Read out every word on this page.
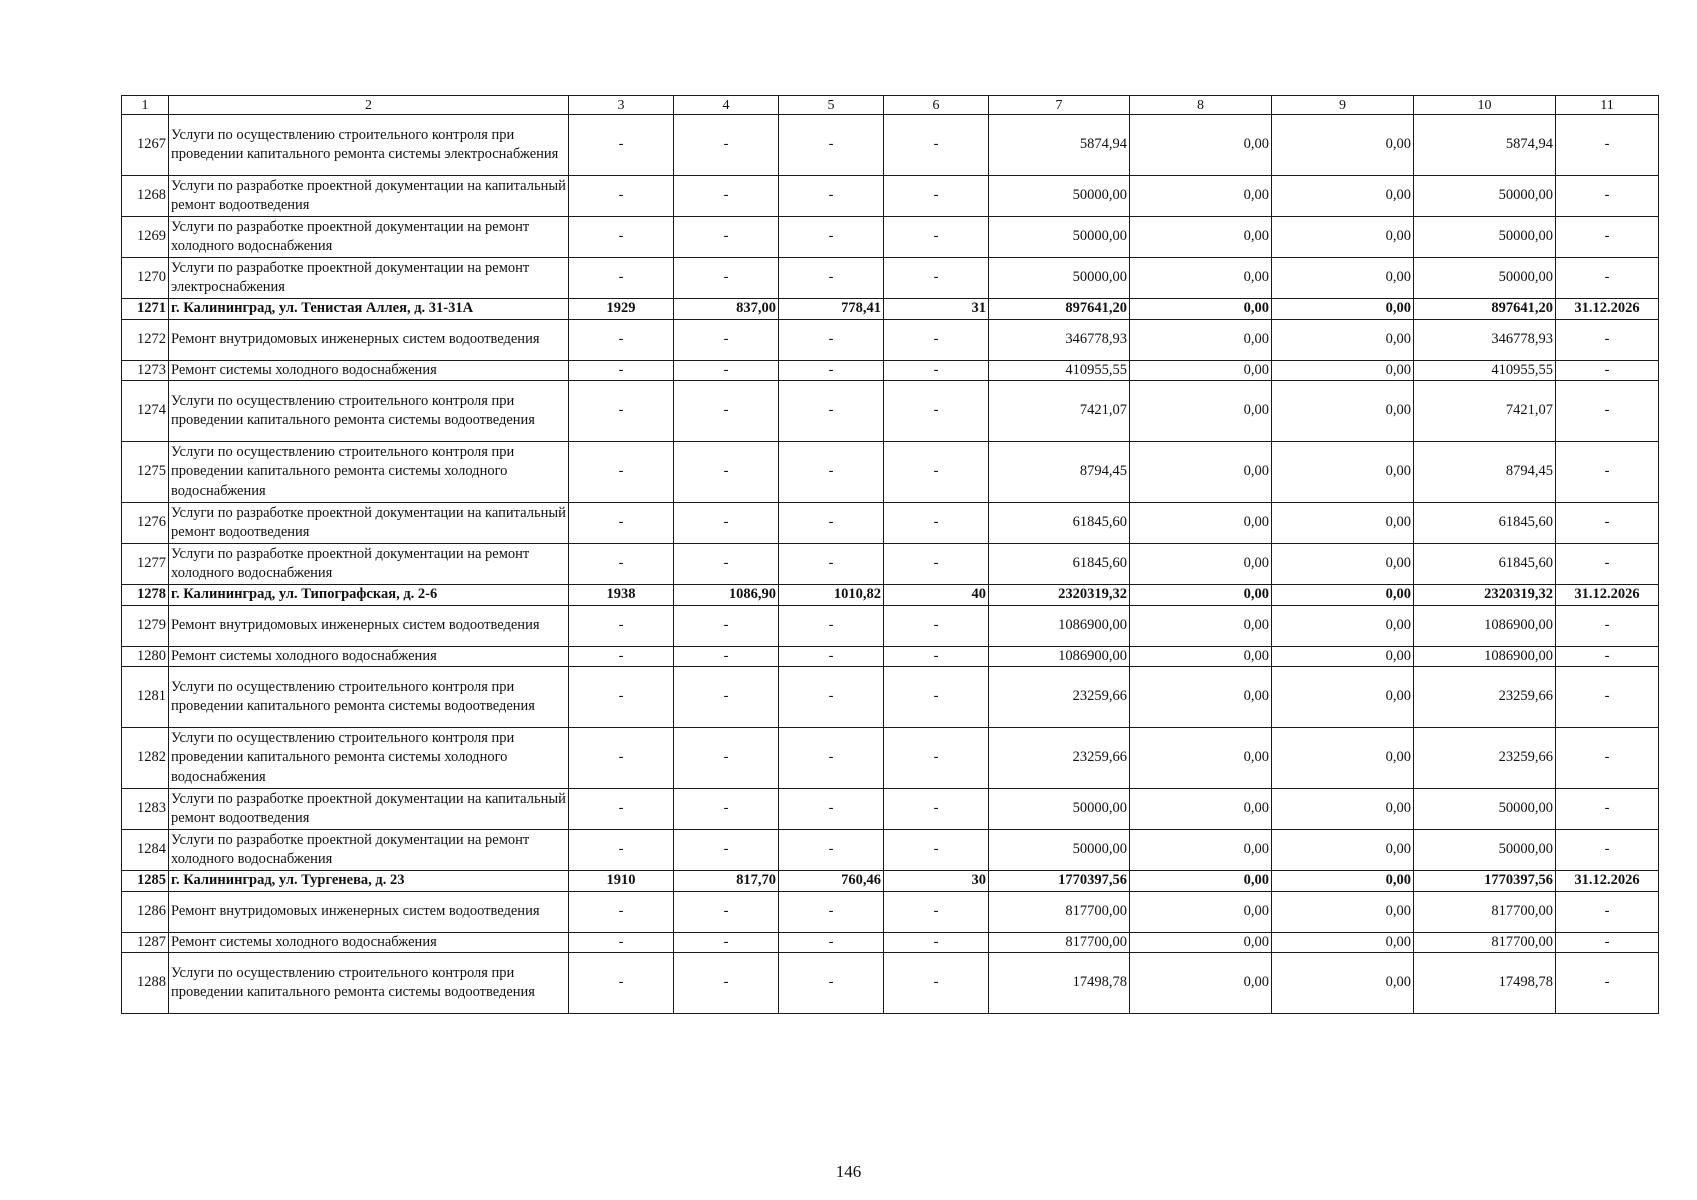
1	2	3	4	5	6	7	8	9	10	11
1267	Услуги по осуществлению строительного контроля при проведении капитального ремонта системы электроснабжения	-	-	-	-	5874,94	0,00	0,00	5874,94	-
1268	Услуги по разработке проектной документации на капитальный ремонт водоотведения	-	-	-	-	50000,00	0,00	0,00	50000,00	-
1269	Услуги по разработке проектной документации на ремонт холодного водоснабжения	-	-	-	-	50000,00	0,00	0,00	50000,00	-
1270	Услуги по разработке проектной документации на ремонт электроснабжения	-	-	-	-	50000,00	0,00	0,00	50000,00	-
1271	г. Калининград, ул. Тенистая Аллея, д. 31-31А	1929	837,00	778,41	31	897641,20	0,00	0,00	897641,20	31.12.2026
1272	Ремонт внутридомовых инженерных систем водоотведения	-	-	-	-	346778,93	0,00	0,00	346778,93	-
1273	Ремонт системы холодного водоснабжения	-	-	-	-	410955,55	0,00	0,00	410955,55	-
1274	Услуги по осуществлению строительного контроля при проведении капитального ремонта системы водоотведения	-	-	-	-	7421,07	0,00	0,00	7421,07	-
1275	Услуги по осуществлению строительного контроля при проведении капитального ремонта системы холодного водоснабжения	-	-	-	-	8794,45	0,00	0,00	8794,45	-
1276	Услуги по разработке проектной документации на капитальный ремонт водоотведения	-	-	-	-	61845,60	0,00	0,00	61845,60	-
1277	Услуги по разработке проектной документации на ремонт холодного водоснабжения	-	-	-	-	61845,60	0,00	0,00	61845,60	-
1278	г. Калининград, ул. Типографская, д. 2-6	1938	1086,90	1010,82	40	2320319,32	0,00	0,00	2320319,32	31.12.2026
1279	Ремонт внутридомовых инженерных систем водоотведения	-	-	-	-	1086900,00	0,00	0,00	1086900,00	-
1280	Ремонт системы холодного водоснабжения	-	-	-	-	1086900,00	0,00	0,00	1086900,00	-
1281	Услуги по осуществлению строительного контроля при проведении капитального ремонта системы водоотведения	-	-	-	-	23259,66	0,00	0,00	23259,66	-
1282	Услуги по осуществлению строительного контроля при проведении капитального ремонта системы холодного водоснабжения	-	-	-	-	23259,66	0,00	0,00	23259,66	-
1283	Услуги по разработке проектной документации на капитальный ремонт водоотведения	-	-	-	-	50000,00	0,00	0,00	50000,00	-
1284	Услуги по разработке проектной документации на ремонт холодного водоснабжения	-	-	-	-	50000,00	0,00	0,00	50000,00	-
1285	г. Калининград, ул. Тургенева, д. 23	1910	817,70	760,46	30	1770397,56	0,00	0,00	1770397,56	31.12.2026
1286	Ремонт внутридомовых инженерных систем водоотведения	-	-	-	-	817700,00	0,00	0,00	817700,00	-
1287	Ремонт системы холодного водоснабжения	-	-	-	-	817700,00	0,00	0,00	817700,00	-
1288	Услуги по осуществлению строительного контроля при проведении капитального ремонта системы водоотведения	-	-	-	-	17498,78	0,00	0,00	17498,78	-
146
